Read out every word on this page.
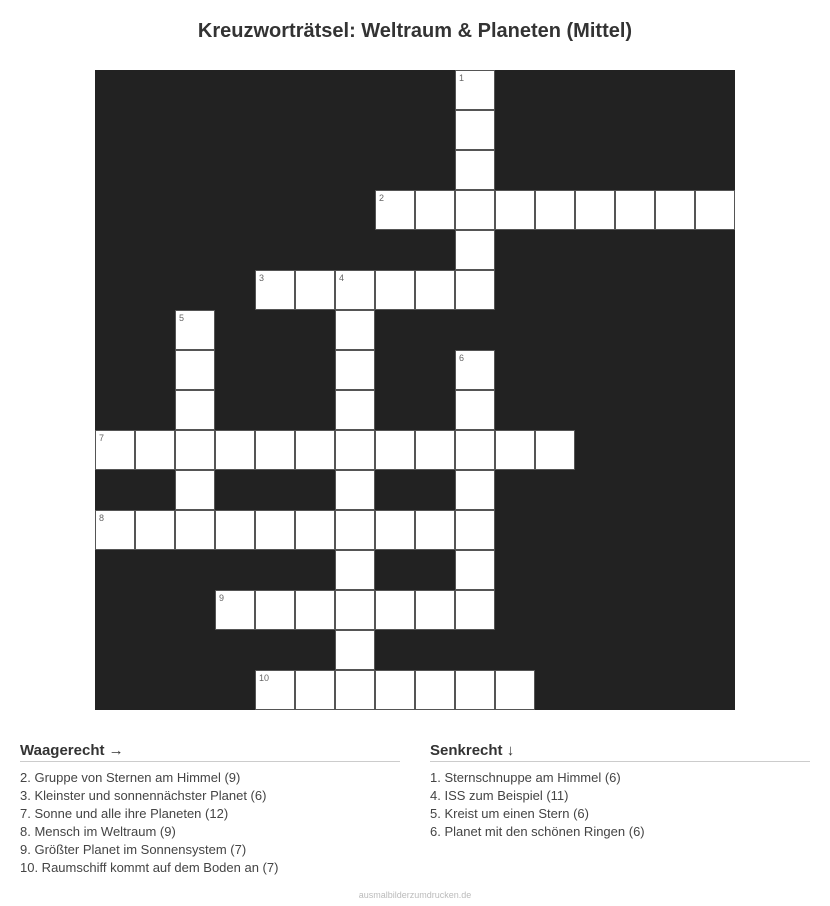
Kreuzworträtsel: Weltraum & Planeten (Mittel)
1
2
3	4
5
6
7
8
9
10
Waagerecht →
2. Gruppe von Sternen am Himmel (9)
3. Kleinster und sonnennächster Planet (6)
7. Sonne und alle ihre Planeten (12)
8. Mensch im Weltraum (9)
9. Größter Planet im Sonnensystem (7)
10. Raumschiff kommt auf dem Boden an (7)
Senkrecht ↓
1. Sternschnuppe am Himmel (6)
4. ISS zum Beispiel (11)
5. Kreist um einen Stern (6)
6. Planet mit den schönen Ringen (6)
ausmalbilderzumdrucken.de
